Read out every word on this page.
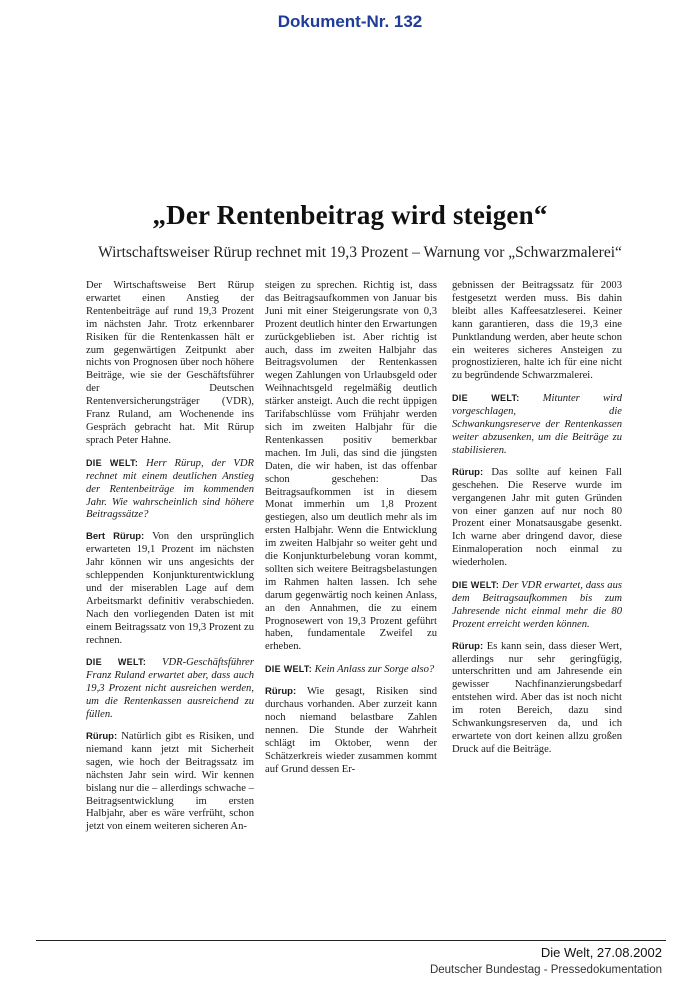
Dokument-Nr. 132
„Der Rentenbeitrag wird steigen“
Wirtschaftsweiser Rürup rechnet mit 19,3 Prozent – Warnung vor „Schwarzmalerei“

Der Wirtschaftsweise Bert Rürup erwartet einen Anstieg der Rentenbeiträge auf rund 19,3 Prozent im nächsten Jahr. Trotz erkennbarer Risiken für die Rentenkassen hält er zum gegenwärtigen Zeitpunkt aber nichts von Prognosen über noch höhere Beiträge, wie sie der Geschäftsführer der Deutschen Rentenversicherungsträger (VDR), Franz Ruland, am Wochenende ins Gespräch gebracht hat. Mit Rürup sprach Peter Hahne.

DIE WELT: Herr Rürup, der VDR rechnet mit einem deutlichen Anstieg der Rentenbeiträge im kommenden Jahr. Wie wahrscheinlich sind höhere Beitragssätze?

Bert Rürup: Von den ursprünglich erwarteten 19,1 Prozent im nächsten Jahr können wir uns angesichts der schleppenden Konjunkturentwicklung und der miserablen Lage auf dem Arbeitsmarkt definitiv verabschieden. Nach den vorliegenden Daten ist mit einem Beitragssatz von 19,3 Prozent zu rechnen.

DIE WELT: VDR-Geschäftsführer Franz Ruland erwartet aber, dass auch 19,3 Prozent nicht ausreichen werden, um die Rentenkassen ausreichend zu füllen.

Rürup: Natürlich gibt es Risiken, und niemand kann jetzt mit Sicherheit sagen, wie hoch der Beitragssatz im nächsten Jahr sein wird. Wir kennen bislang nur die – allerdings schwache – Beitragsentwicklung im ersten Halbjahr, aber es wäre verfrüht, schon jetzt von einem weiteren sicheren An-

steigen zu sprechen. Richtig ist, dass das Beitragsaufkommen von Januar bis Juni mit einer Steigerungsrate von 0,3 Prozent deutlich hinter den Erwartungen zurückgeblieben ist. Aber richtig ist auch, dass im zweiten Halbjahr das Beitragsvolumen der Rentenkassen wegen Zahlungen von Urlaubsgeld oder Weihnachtsgeld regelmäßig deutlich stärker ansteigt. Auch die recht üppigen Tarifabschlüsse vom Frühjahr werden sich im zweiten Halbjahr für die Rentenkassen positiv bemerkbar machen. Im Juli, das sind die jüngsten Daten, die wir haben, ist das offenbar schon geschehen: Das Beitragsaufkommen ist in diesem Monat immerhin um 1,8 Prozent gestiegen, also um deutlich mehr als im ersten Halbjahr. Wenn die Entwicklung im zweiten Halbjahr so weiter geht und die Konjunkturbelebung voran kommt, sollten sich weitere Beitragsbelastungen im Rahmen halten lassen. Ich sehe darum gegenwärtig noch keinen Anlass, an den Annahmen, die zu einem Prognosewert von 19,3 Prozent geführt haben, fundamentale Zweifel zu erheben.

DIE WELT: Kein Anlass zur Sorge also?

Rürup: Wie gesagt, Risiken sind durchaus vorhanden. Aber zurzeit kann noch niemand belastbare Zahlen nennen. Die Stunde der Wahrheit schlägt im Oktober, wenn der Schätzerkreis wieder zusammen kommt auf Grund dessen Er-

gebnissen der Beitragssatz für 2003 festgesetzt werden muss. Bis dahin bleibt alles Kaffeesatzleserei. Keiner kann garantieren, dass die 19,3 eine Punktlandung werden, aber heute schon ein weiteres sicheres Ansteigen zu prognostizieren, halte ich für eine nicht zu begründende Schwarzmalerei.

DIE WELT: Mitunter wird vorgeschlagen, die Schwankungsreserve der Rentenkassen weiter abzusenken, um die Beiträge zu stabilisieren.

Rürup: Das sollte auf keinen Fall geschehen. Die Reserve wurde im vergangenen Jahr mit guten Gründen von einer ganzen auf nur noch 80 Prozent einer Monatsausgabe gesenkt. Ich warne aber dringend davor, diese Einmaloperation noch einmal zu wiederholen.

DIE WELT: Der VDR erwartet, dass aus dem Beitragsaufkommen bis zum Jahresende nicht einmal mehr die 80 Prozent erreicht werden können.

Rürup: Es kann sein, dass dieser Wert, allerdings nur sehr geringfügig, unterschritten und am Jahresende ein gewisser Nachfinanzierungsbedarf entstehen wird. Aber das ist noch nicht im roten Bereich, dazu sind Schwankungsreserven da, und ich erwartete von dort keinen allzu großen Druck auf die Beiträge.

Die Welt, 27.08.2002
Deutscher Bundestag - Pressedokumentation
